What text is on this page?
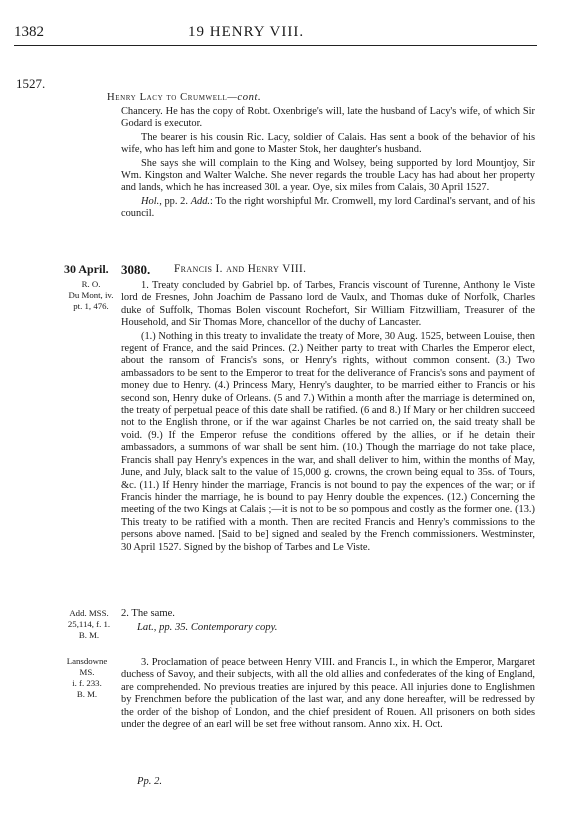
1382	19 HENRY VIII.
1527.
Henry Lacy to Crumwell—cont.

Chancery. He has the copy of Robt. Oxenbrige's will, late the husband of Lacy's wife, of which Sir Godard is executor.

The bearer is his cousin Ric. Lacy, soldier of Calais. Has sent a book of the behavior of his wife, who has left him and gone to Master Stok, her daughter's husband.

She says she will complain to the King and Wolsey, being supported by lord Mountjoy, Sir Wm. Kingston and Walter Walche. She never regards the trouble Lacy has had about her property and lands, which he has increased 30l. a year. Oye, six miles from Calais, 30 April 1527.

Hol., pp. 2. Add.: To the right worshipful Mr. Cromwell, my lord Cardinal's servant, and of his council.

30 April.
R. O.
Du Mont, iv.
pt. 1, 476.
3080. Francis I. and Henry VIII.

1. Treaty concluded by Gabriel bp. of Tarbes, Francis viscount of Turenne, Anthony le Viste lord de Fresnes, John Joachim de Passano lord de Vaulx, and Thomas duke of Norfolk, Charles duke of Suffolk, Thomas Bolen viscount Rochefort, Sir William Fitzwilliam, Treasurer of the Household, and Sir Thomas More, chancellor of the duchy of Lancaster.

(1.) Nothing in this treaty to invalidate the treaty of More, 30 Aug. 1525, between Louise, then regent of France, and the said Princes. (2.) Neither party to treat with Charles the Emperor elect, about the ransom of Francis's sons, or Henry's rights, without common consent. (3.) Two ambassadors to be sent to the Emperor to treat for the deliverance of Francis's sons and payment of money due to Henry. (4.) Princess Mary, Henry's daughter, to be married either to Francis or his second son, Henry duke of Orleans. (5 and 7.) Within a month after the marriage is determined on, the treaty of perpetual peace of this date shall be ratified. (6 and 8.) If Mary or her children succeed not to the English throne, or if the war against Charles be not carried on, the said treaty shall be void. (9.) If the Emperor refuse the conditions offered by the allies, or if he detain their ambassadors, a summons of war shall be sent him. (10.) Though the marriage do not take place, Francis shall pay Henry's expences in the war, and shall deliver to him, within the months of May, June, and July, black salt to the value of 15,000 g. crowns, the crown being equal to 35s. of Tours, &c. (11.) If Henry hinder the marriage, Francis is not bound to pay the expences of the war; or if Francis hinder the marriage, he is bound to pay Henry double the expences. (12.) Concerning the meeting of the two Kings at Calais ;—it is not to be so pompous and costly as the former one. (13.) This treaty to be ratified with a month. Then are recited Francis and Henry's commissions to the persons above named. [Said to be] signed and sealed by the French commissioners. Westminster, 30 April 1527. Signed by the bishop of Tarbes and Le Viste.

Add. MSS.
25,114, f. 1.
B. M.
2. The same.
Lat., pp. 35. Contemporary copy.
Lansdowne
MS.
i. f. 233.
B. M.

3. Proclamation of peace between Henry VIII. and Francis I., in which the Emperor, Margaret duchess of Savoy, and their subjects, with all the old allies and confederates of the king of England, are comprehended. No previous treaties are injured by this peace. All injuries done to Englishmen by Frenchmen before the publication of the last war, and any done hereafter, will be redressed by the order of the bishop of London, and the chief president of Rouen. All prisoners on both sides under the degree of an earl will be set free without ransom. Anno xix. H. Oct.

Pp. 2.
